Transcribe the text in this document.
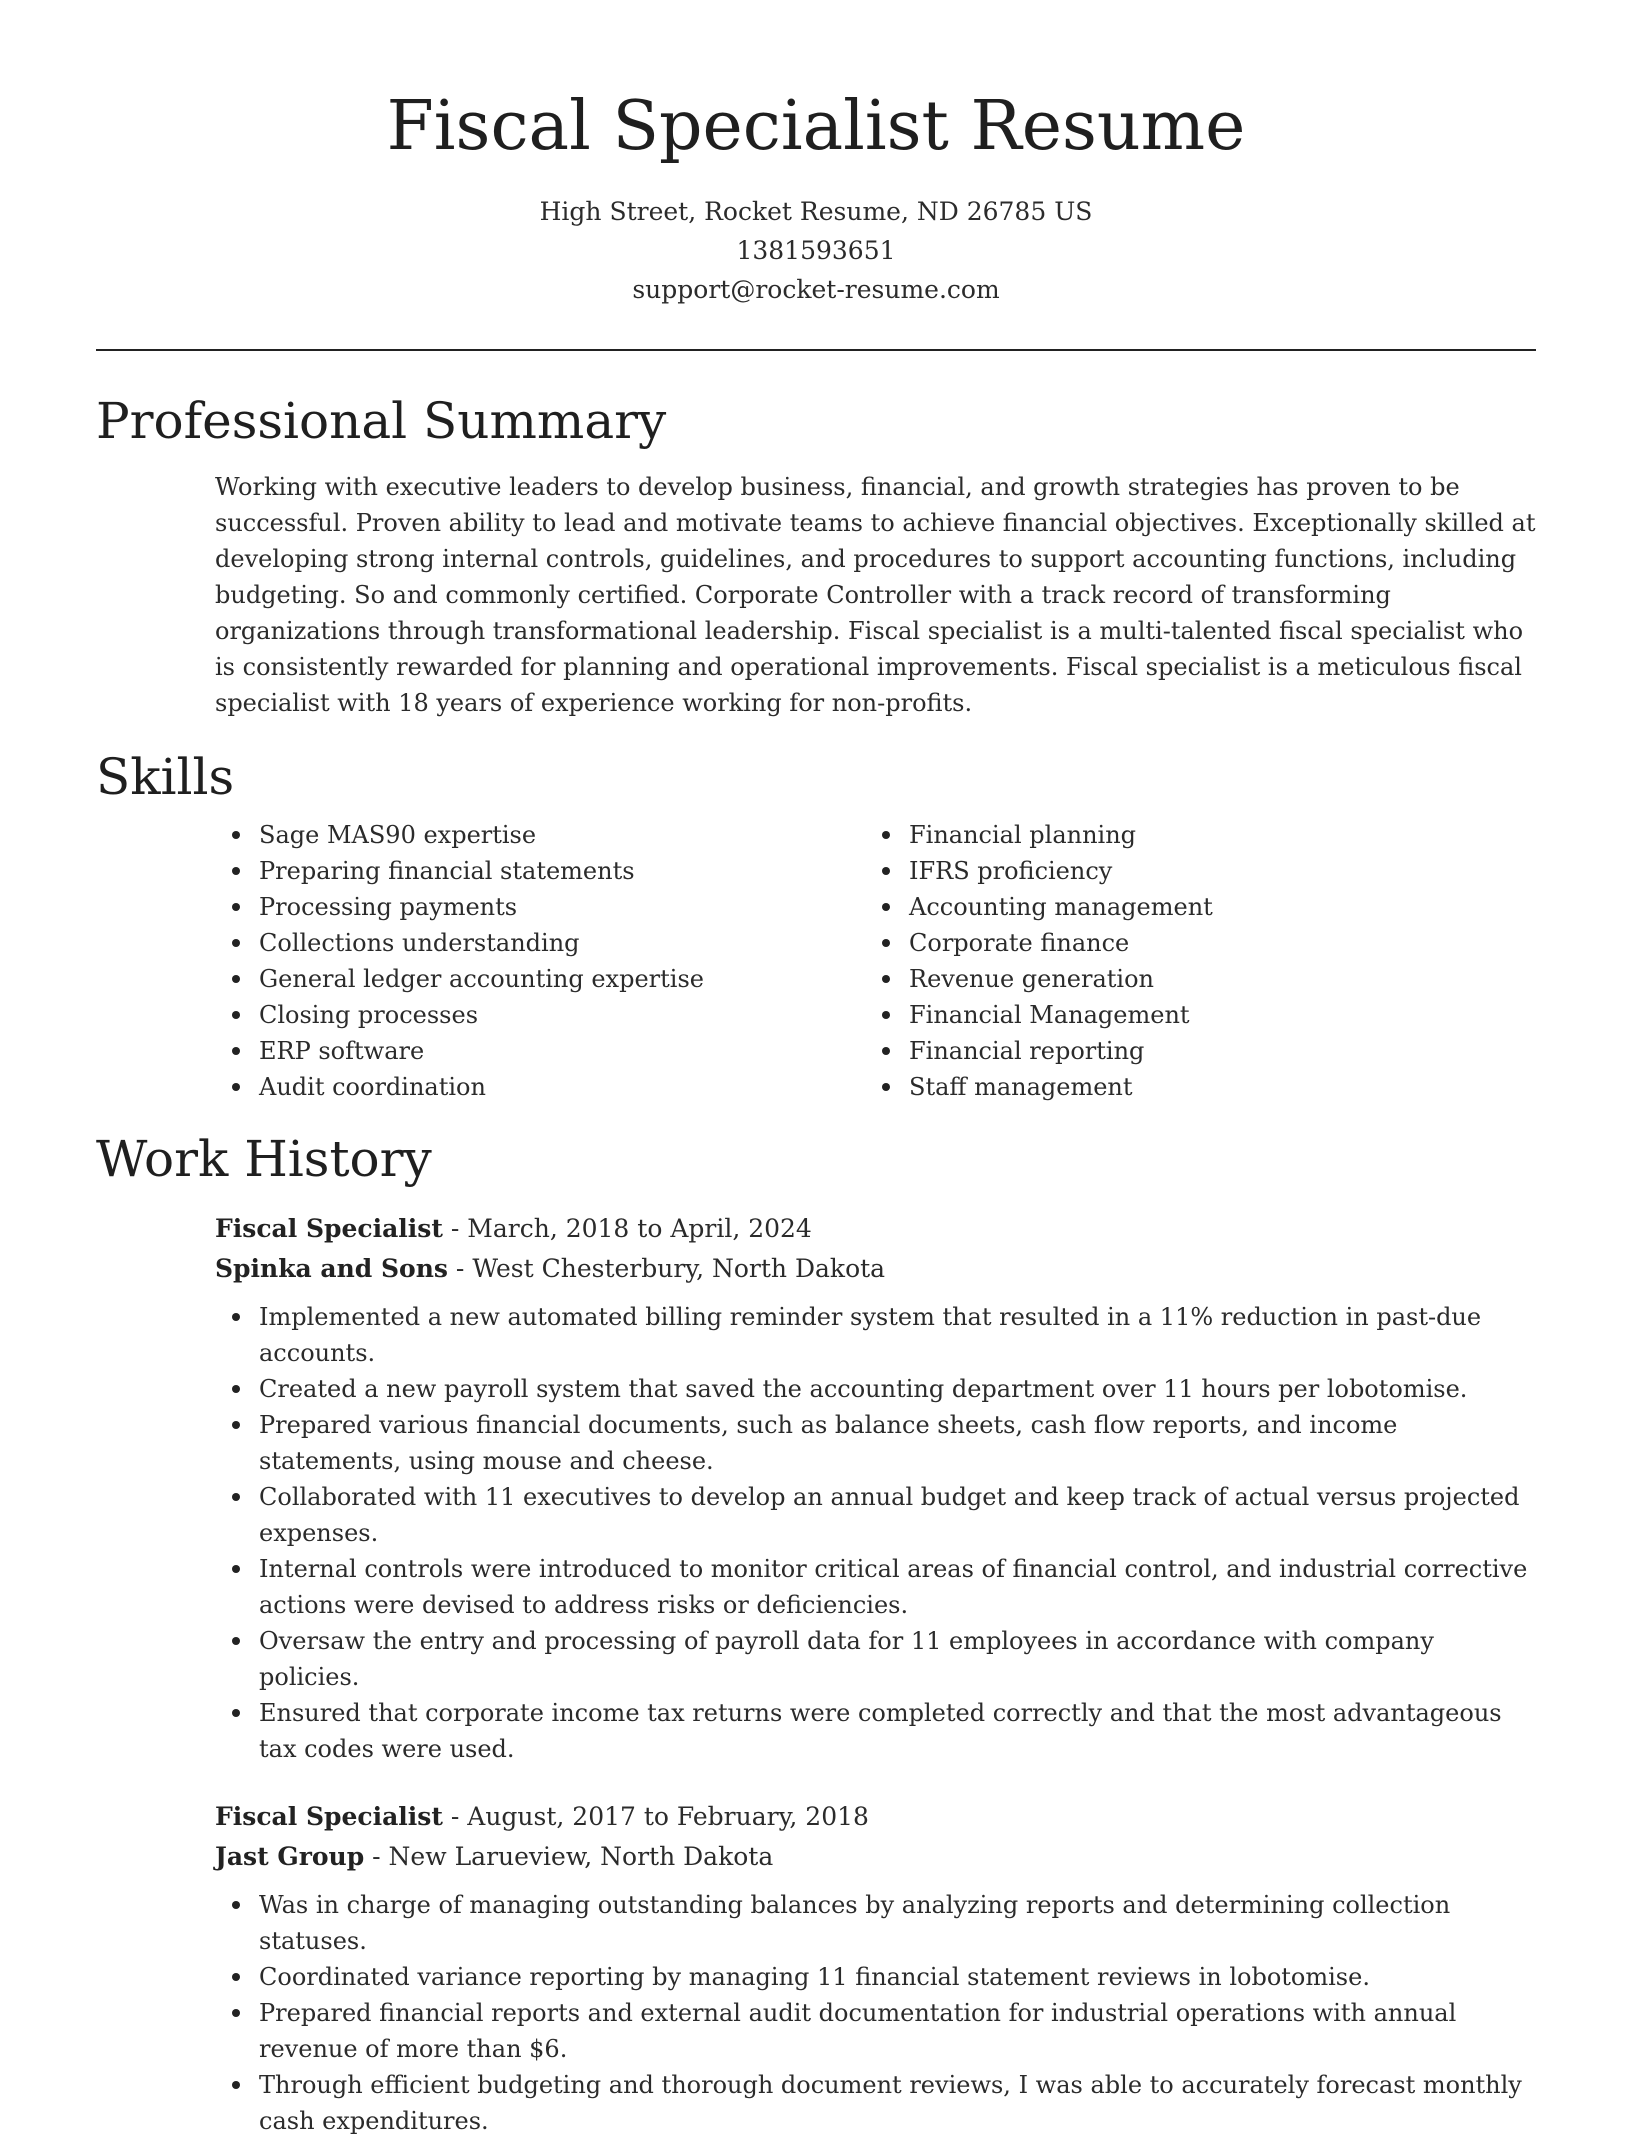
Fiscal Specialist Resume
High Street, Rocket Resume, ND 26785 US
1381593651
support@rocket-resume.com
Professional Summary

Working with executive leaders to develop business, financial, and growth strategies has proven to be successful. Proven ability to lead and motivate teams to achieve financial objectives. Exceptionally skilled at developing strong internal controls, guidelines, and procedures to support accounting functions, including budgeting. So and commonly certified. Corporate Controller with a track record of transforming organizations through transformational leadership. Fiscal specialist is a multi-talented fiscal specialist who is consistently rewarded for planning and operational improvements. Fiscal specialist is a meticulous fiscal specialist with 18 years of experience working for non-profits.

Skills
Sage MAS90 expertise
Preparing financial statements
Processing payments
Collections understanding
General ledger accounting expertise
Closing processes
ERP software
Audit coordination
Financial planning
IFRS proficiency
Accounting management
Corporate finance
Revenue generation
Financial Management
Financial reporting
Staff management
Work History
Fiscal Specialist - March, 2018 to April, 2024
Spinka and Sons - West Chesterbury, North Dakota
Implemented a new automated billing reminder system that resulted in a 11% reduction in past-due accounts.
Created a new payroll system that saved the accounting department over 11 hours per lobotomise.
Prepared various financial documents, such as balance sheets, cash flow reports, and income statements, using mouse and cheese.
Collaborated with 11 executives to develop an annual budget and keep track of actual versus projected expenses.
Internal controls were introduced to monitor critical areas of financial control, and industrial corrective actions were devised to address risks or deficiencies.
Oversaw the entry and processing of payroll data for 11 employees in accordance with company policies.
Ensured that corporate income tax returns were completed correctly and that the most advantageous tax codes were used.
Fiscal Specialist - August, 2017 to February, 2018
Jast Group - New Larueview, North Dakota
Was in charge of managing outstanding balances by analyzing reports and determining collection statuses.
Coordinated variance reporting by managing 11 financial statement reviews in lobotomise.
Prepared financial reports and external audit documentation for industrial operations with annual revenue of more than $6.
Through efficient budgeting and thorough document reviews, I was able to accurately forecast monthly cash expenditures.
